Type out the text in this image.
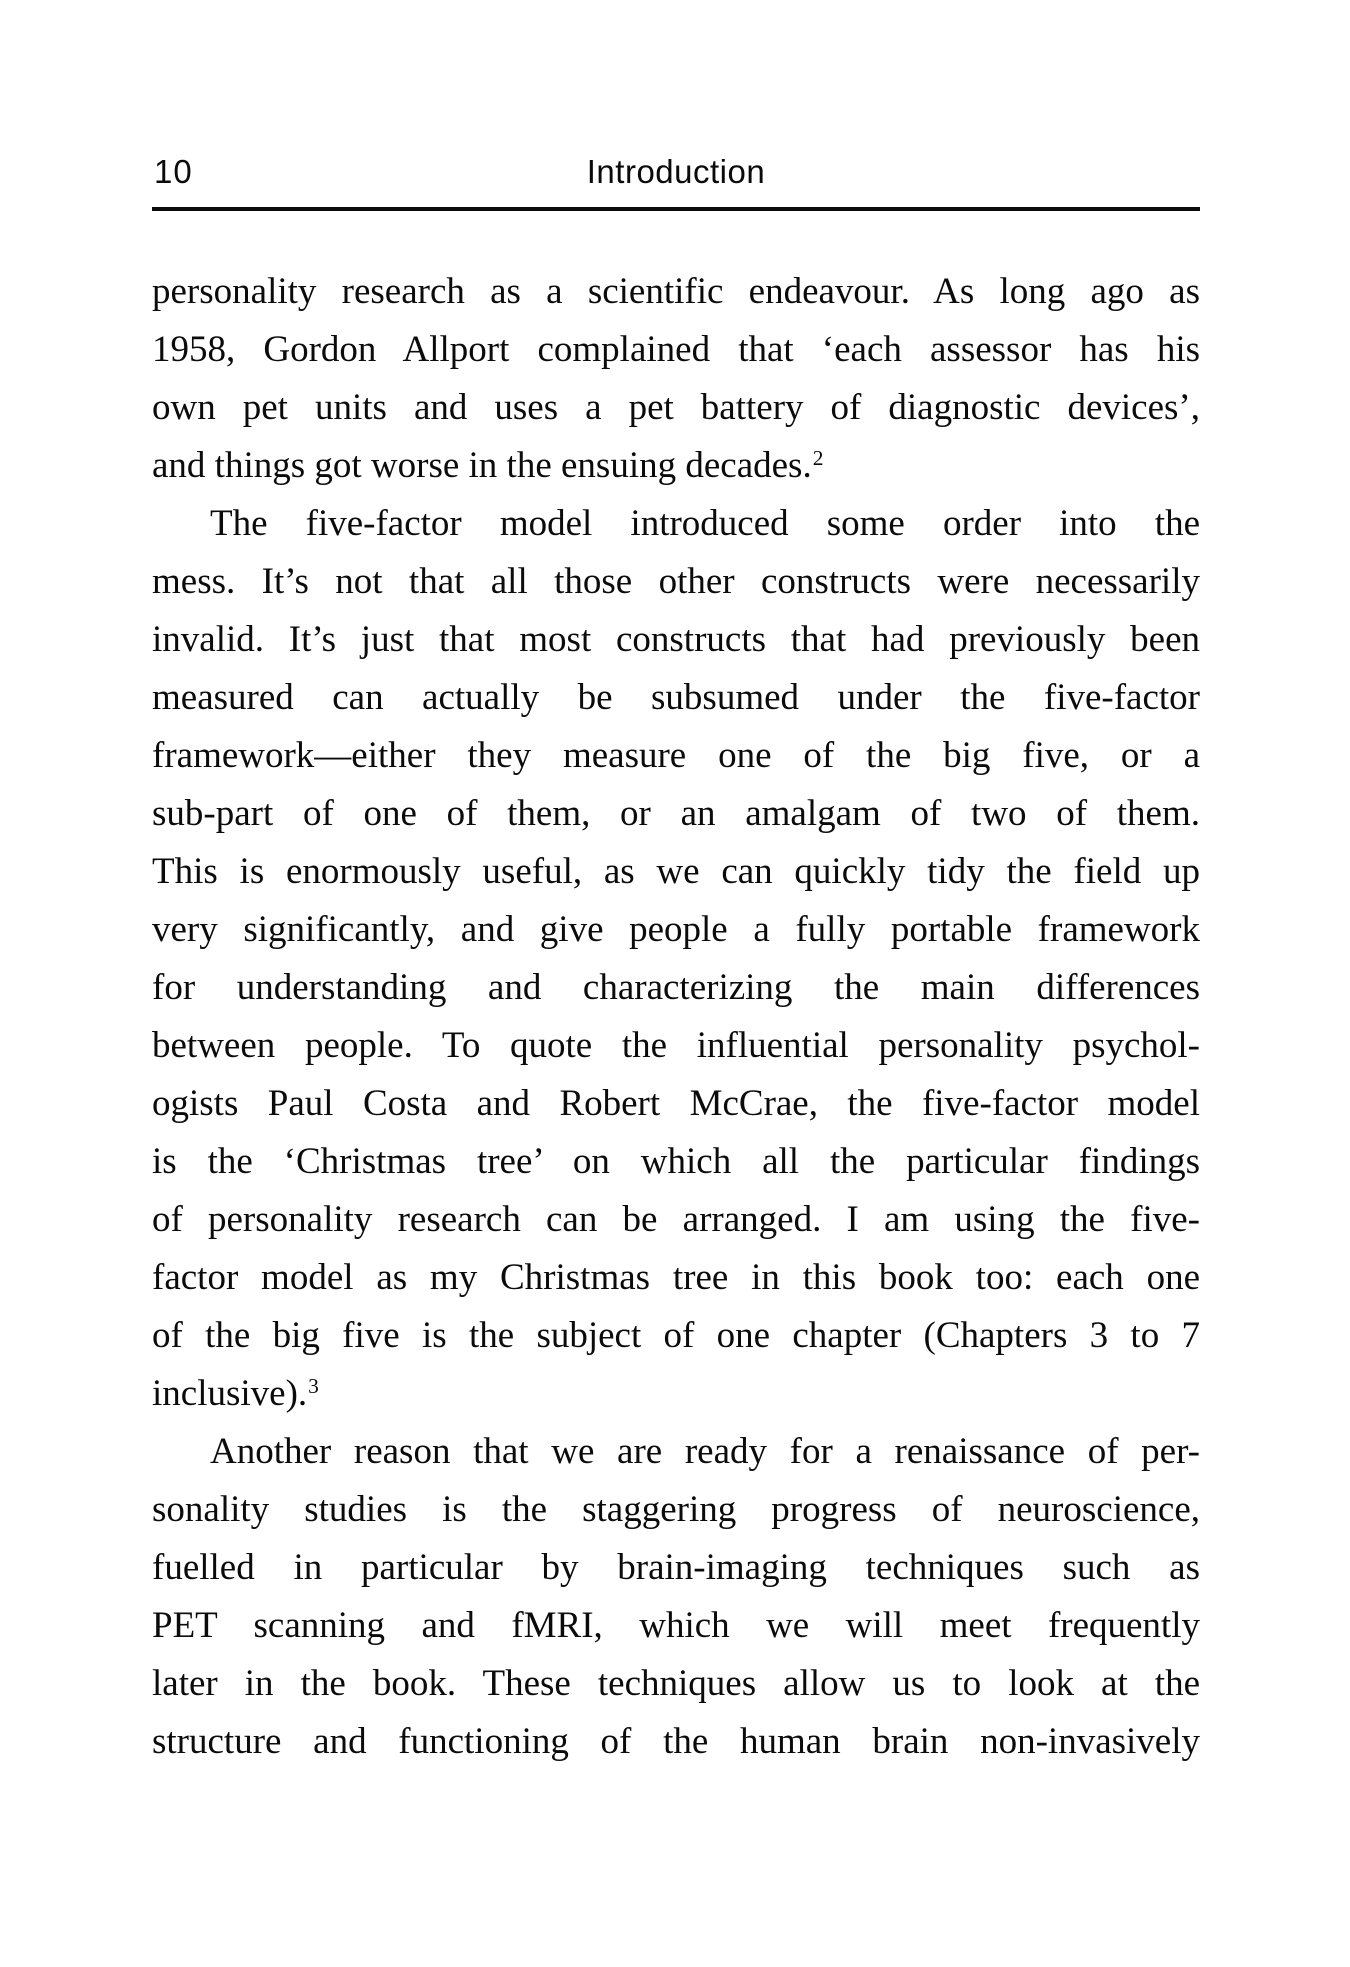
10	Introduction
personality research as a scientific endeavour. As long ago as
1958, Gordon Allport complained that ‘each assessor has his
own pet units and uses a pet battery of diagnostic devices’,
and things got worse in the ensuing decades.$^2$
The five-factor model introduced some order into the
mess. It’s not that all those other constructs were necessarily
invalid. It’s just that most constructs that had previously been
measured can actually be subsumed under the five-factor
framework—either they measure one of the big five, or a
sub-part of one of them, or an amalgam of two of them.
This is enormously useful, as we can quickly tidy the field up
very significantly, and give people a fully portable framework
for understanding and characterizing the main differences
between people. To quote the influential personality psychol-
ogists Paul Costa and Robert McCrae, the five-factor model
is the ‘Christmas tree’ on which all the particular findings
of personality research can be arranged. I am using the five-
factor model as my Christmas tree in this book too: each one
of the big five is the subject of one chapter (Chapters 3 to 7
inclusive).$^3$
Another reason that we are ready for a renaissance of per-
sonality studies is the staggering progress of neuroscience,
fuelled in particular by brain-imaging techniques such as
PET scanning and fMRI, which we will meet frequently
later in the book. These techniques allow us to look at the
structure and functioning of the human brain non-invasively
